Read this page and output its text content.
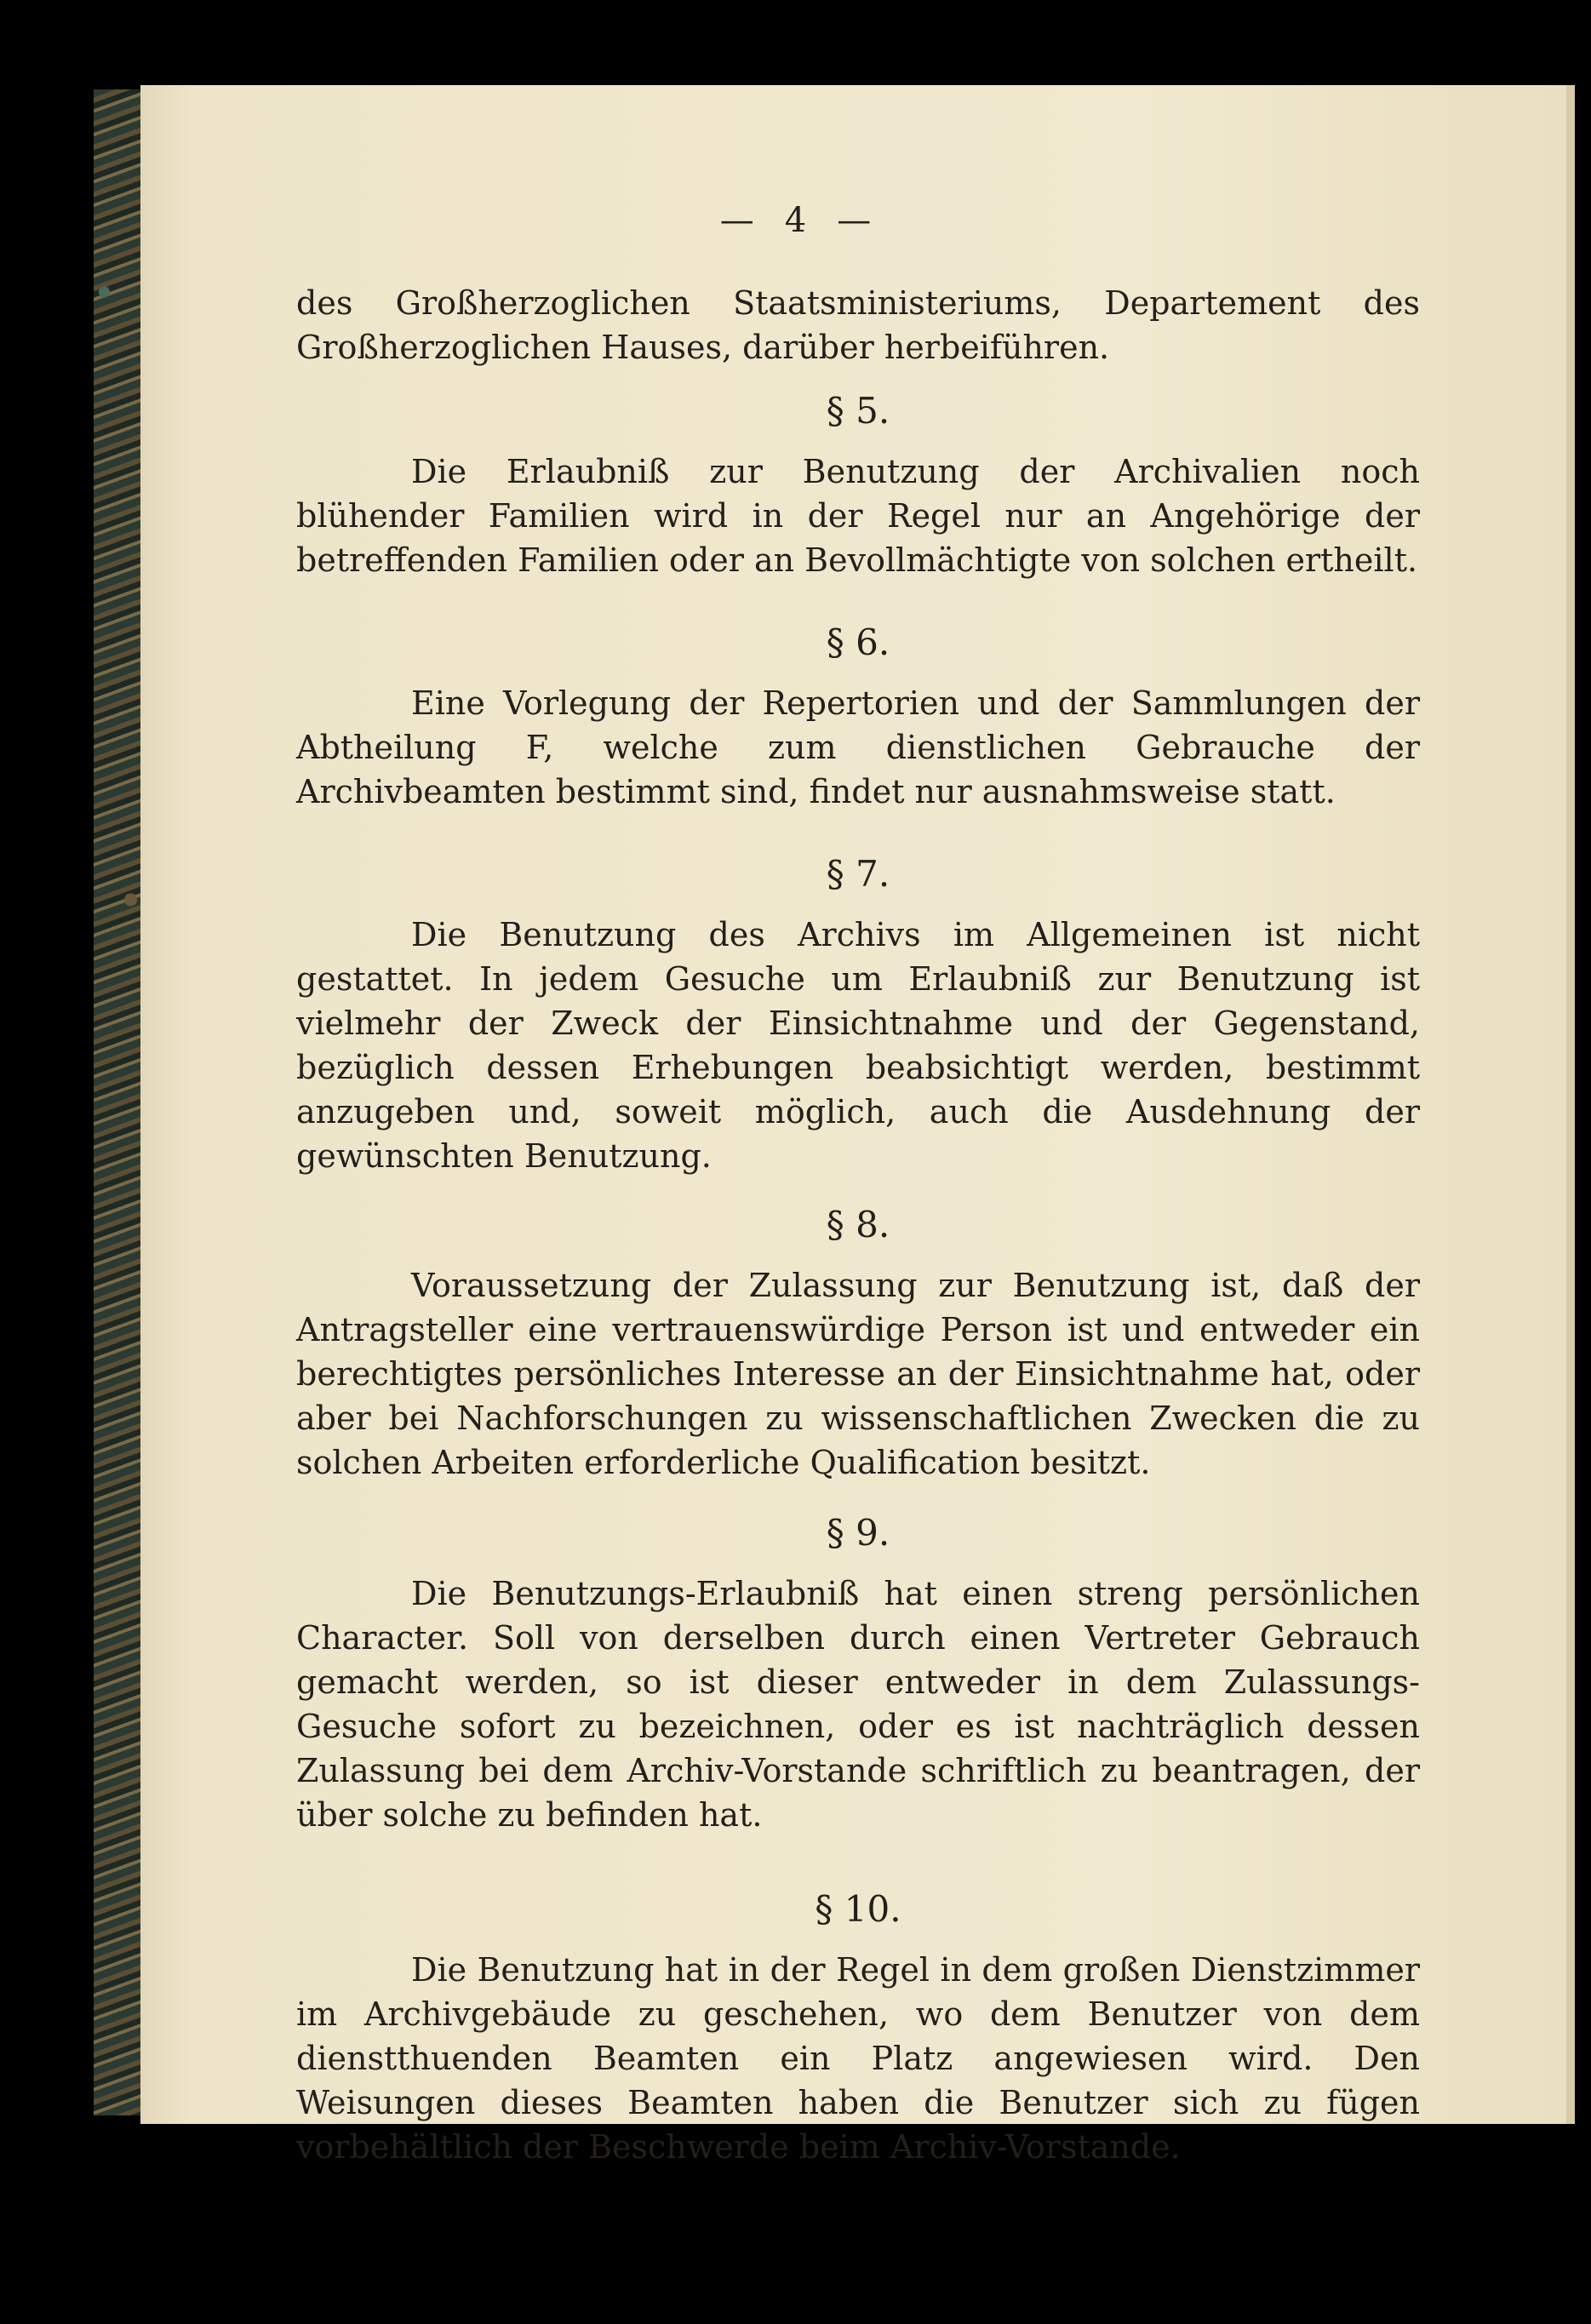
— 4 —

des Großherzoglichen Staatsministeriums, Departement des Großherzoglichen Hauses, darüber herbeiführen.

§ 5.

Die Erlaubniß zur Benutzung der Archivalien noch blühender Familien wird in der Regel nur an Angehörige der betreffenden Familien oder an Bevollmächtigte von solchen ertheilt.

§ 6.

Eine Vorlegung der Repertorien und der Sammlungen der Abtheilung F, welche zum dienstlichen Gebrauche der Archivbeamten bestimmt sind, findet nur ausnahmsweise statt.

§ 7.

Die Benutzung des Archivs im Allgemeinen ist nicht gestattet. In jedem Gesuche um Erlaubniß zur Benutzung ist vielmehr der Zweck der Einsichtnahme und der Gegenstand, bezüglich dessen Erhebungen beabsichtigt werden, bestimmt anzugeben und, soweit möglich, auch die Ausdehnung der gewünschten Benutzung.

§ 8.

Voraussetzung der Zulassung zur Benutzung ist, daß der Antragsteller eine vertrauenswürdige Person ist und entweder ein berechtigtes persönliches Interesse an der Einsichtnahme hat, oder aber bei Nachforschungen zu wissenschaftlichen Zwecken die zu solchen Arbeiten erforderliche Qualification besitzt.

§ 9.

Die Benutzungs-Erlaubniß hat einen streng persönlichen Character. Soll von derselben durch einen Vertreter Gebrauch gemacht werden, so ist dieser entweder in dem Zulassungs-Gesuche sofort zu bezeichnen, oder es ist nachträglich dessen Zulassung bei dem Archiv-Vorstande schriftlich zu beantragen, der über solche zu befinden hat.

§ 10.

Die Benutzung hat in der Regel in dem großen Dienstzimmer im Archivgebäude zu geschehen, wo dem Benutzer von dem dienstthuenden Beamten ein Platz angewiesen wird. Den Weisungen dieses Beamten haben die Benutzer sich zu fügen vorbehältlich der Beschwerde beim Archiv-Vorstande.
